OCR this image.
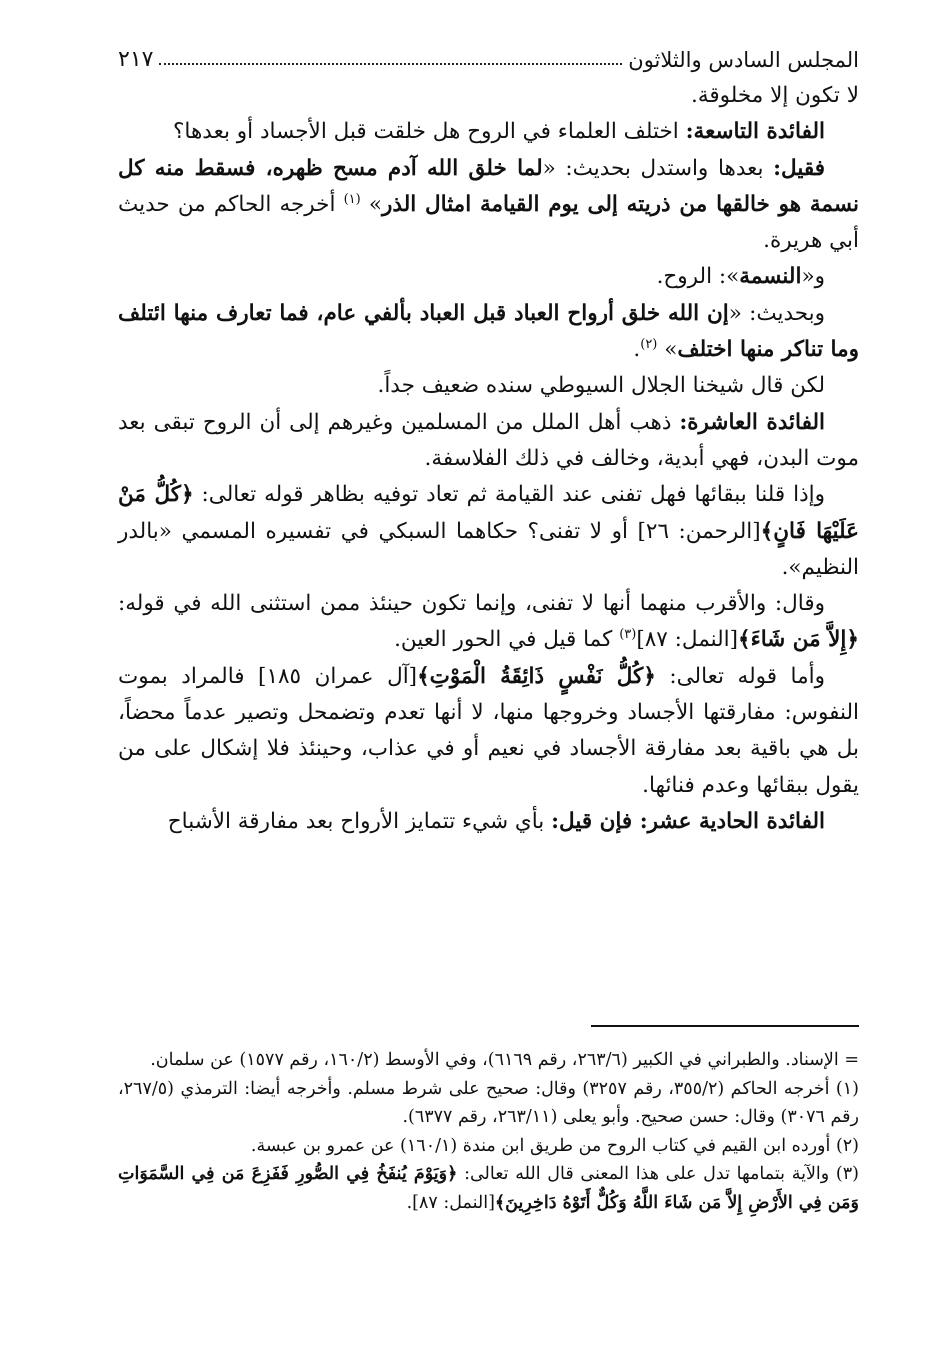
المجلس السادس والثلاثون
٢١٧

لا تكون إلا مخلوقة.

الفائدة التاسعة: اختلف العلماء في الروح هل خلقت قبل الأجساد أو بعدها؟

فقيل: بعدها واستدل بحديث: «لما خلق الله آدم مسح ظهره، فسقط منه كل نسمة هو خالقها من ذريته إلى يوم القيامة امثال الذر» $^{(١)}$ أخرجه الحاكم من حديث أبي هريرة.

و«النسمة»: الروح.

وبحديث: «إن الله خلق أرواح العباد قبل العباد بألفي عام، فما تعارف منها ائتلف وما تناكر منها اختلف» $^{(٢)}$.

لكن قال شيخنا الجلال السيوطي سنده ضعيف جداً.

الفائدة العاشرة: ذهب أهل الملل من المسلمين وغيرهم إلى أن الروح تبقى بعد موت البدن، فهي أبدية، وخالف في ذلك الفلاسفة.

وإذا قلنا ببقائها فهل تفنى عند القيامة ثم تعاد توفيه بظاهر قوله تعالى: ﴿كُلُّ مَنْ عَلَيْهَا فَانٍ﴾[الرحمن: ٢٦] أو لا تفنى؟ حكاهما السبكي في تفسيره المسمي «بالدر النظيم».

وقال: والأقرب منهما أنها لا تفنى، وإنما تكون حينئذ ممن استثنى الله في قوله: ﴿إِلاَّ مَن شَاءَ﴾[النمل: ٨٧]$^{(٣)}$ كما قيل في الحور العين.

وأما قوله تعالى: ﴿كُلُّ نَفْسٍ ذَائِقَةُ الْمَوْتِ﴾[آل عمران ١٨٥] فالمراد بموت النفوس: مفارقتها الأجساد وخروجها منها، لا أنها تعدم وتضمحل وتصير عدماً محضاً، بل هي باقية بعد مفارقة الأجساد في نعيم أو في عذاب، وحينئذ فلا إشكال على من يقول ببقائها وعدم فنائها.

الفائدة الحادية عشر: فإن قيل: بأي شيء تتمايز الأرواح بعد مفارقة الأشباح

= الإسناد. والطبراني في الكبير (٢٦٣/٦، رقم ٦١٦٩)، وفي الأوسط (١٦٠/٢، رقم ١٥٧٧) عن سلمان.

(١) أخرجه الحاكم (٣٥٥/٢، رقم ٣٢٥٧) وقال: صحيح على شرط مسلم. وأخرجه أيضا: الترمذي (٢٦٧/٥، رقم ٣٠٧٦) وقال: حسن صحيح. وأبو يعلى (٢٦٣/١١، رقم ٦٣٧٧).

(٢) أورده ابن القيم في كتاب الروح من طريق ابن مندة (١٦٠/١) عن عمرو بن عبسة.

(٣) والآية بتمامها تدل على هذا المعنى قال الله تعالى: ﴿وَيَوْمَ يُنفَخُ فِي الصُّورِ فَفَزِعَ مَن فِي السَّمَوَاتِ وَمَن فِي الأَرْضِ إِلاَّ مَن شَاءَ اللَّهُ وَكُلٌّ أَتَوْهُ دَاخِرِينَ﴾[النمل: ٨٧].
